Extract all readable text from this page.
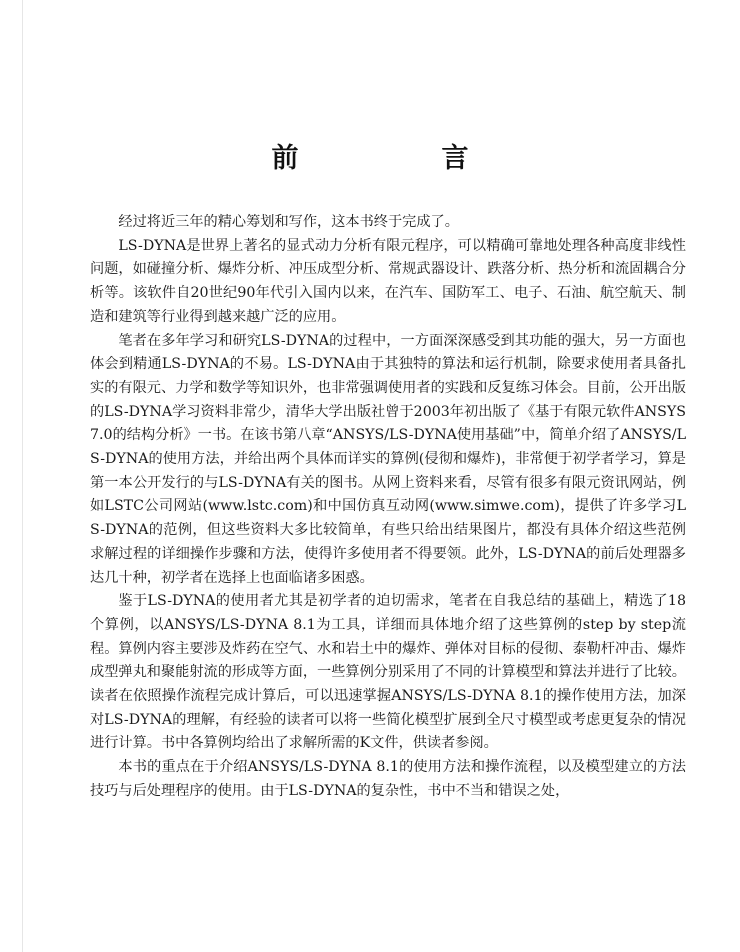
前　言

经过将近三年的精心筹划和写作，这本书终于完成了。

LS-DYNA是世界上著名的显式动力分析有限元程序，可以精确可靠地处理各种高度非线性问题，如碰撞分析、爆炸分析、冲压成型分析、常规武器设计、跌落分析、热分析和流固耦合分析等。该软件自20世纪90年代引入国内以来，在汽车、国防军工、电子、石油、航空航天、制造和建筑等行业得到越来越广泛的应用。

笔者在多年学习和研究LS-DYNA的过程中，一方面深深感受到其功能的强大，另一方面也体会到精通LS-DYNA的不易。LS-DYNA由于其独特的算法和运行机制，除要求使用者具备扎实的有限元、力学和数学等知识外，也非常强调使用者的实践和反复练习体会。目前，公开出版的LS-DYNA学习资料非常少，清华大学出版社曾于2003年初出版了《基于有限元软件ANSYS 7.0的结构分析》一书。在该书第八章“ANSYS/LS-DYNA使用基础”中，简单介绍了ANSYS/LS-DYNA的使用方法，并给出两个具体而详实的算例(侵彻和爆炸)，非常便于初学者学习，算是第一本公开发行的与LS-DYNA有关的图书。从网上资料来看，尽管有很多有限元资讯网站，例如LSTC公司网站(www.lstc.com)和中国仿真互动网(www.simwe.com)，提供了许多学习LS-DYNA的范例，但这些资料大多比较简单，有些只给出结果图片，都没有具体介绍这些范例求解过程的详细操作步骤和方法，使得许多使用者不得要领。此外，LS-DYNA的前后处理器多达几十种，初学者在选择上也面临诸多困惑。

鉴于LS-DYNA的使用者尤其是初学者的迫切需求，笔者在自我总结的基础上，精选了18个算例，以ANSYS/LS-DYNA 8.1为工具，详细而具体地介绍了这些算例的step by step流程。算例内容主要涉及炸药在空气、水和岩土中的爆炸、弹体对目标的侵彻、泰勒杆冲击、爆炸成型弹丸和聚能射流的形成等方面，一些算例分别采用了不同的计算模型和算法并进行了比较。读者在依照操作流程完成计算后，可以迅速掌握ANSYS/LS-DYNA 8.1的操作使用方法，加深对LS-DYNA的理解，有经验的读者可以将一些简化模型扩展到全尺寸模型或考虑更复杂的情况进行计算。书中各算例均给出了求解所需的K文件，供读者参阅。

本书的重点在于介绍ANSYS/LS-DYNA 8.1的使用方法和操作流程，以及模型建立的方法技巧与后处理程序的使用。由于LS-DYNA的复杂性，书中不当和错误之处，
